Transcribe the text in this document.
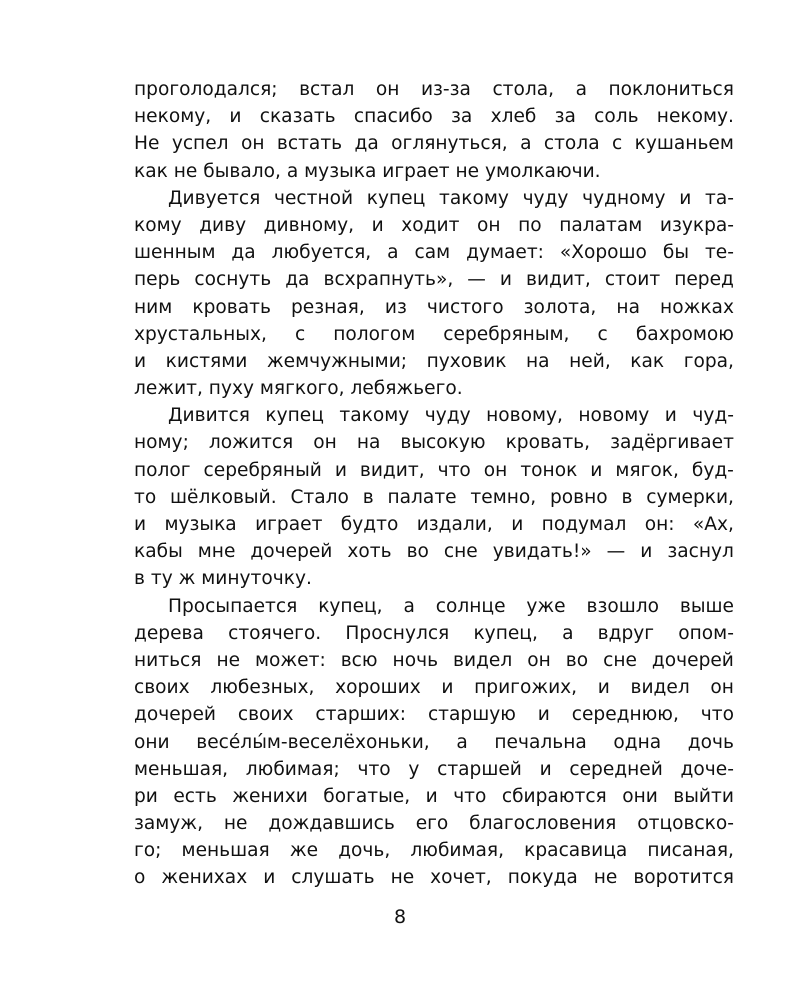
проголодался; встал он из-за стола, а поклониться
некому, и сказать спасибо за хлеб за соль некому.
Не успел он встать да оглянуться, а стола с кушаньем
как не бывало, а музыка играет не умолкаючи.
Дивуется честной купец такому чуду чудному и та-
кому диву дивному, и ходит он по палатам изукра-
шенным да любуется, а сам думает: «Хорошо бы те-
перь соснуть да всхрапнуть», — и видит, стоит перед
ним кровать резная, из чистого золота, на ножках
хрустальных, с пологом серебряным, с бахромою
и кистями жемчужными; пуховик на ней, как гора,
лежит, пуху мягкого, лебяжьего.
Дивится купец такому чуду новому, новому и чуд-
ному; ложится он на высокую кровать, задёргивает
полог серебряный и видит, что он тонок и мягок, буд-
то шёлковый. Стало в палате темно, ровно в сумерки,
и музыка играет будто издали, и подумал он: «Ах,
кабы мне дочерей хоть во сне увидать!» — и заснул
в ту ж минуточку.
Просыпается купец, а солнце уже взошло выше
дерева стоячего. Проснулся купец, а вдруг опом-
ниться не может: всю ночь видел он во сне дочерей
своих любезных, хороших и пригожих, и видел он
дочерей своих старших: старшую и середнюю, что
они весе́лы́м-веселёхоньки, а печальна одна дочь
меньшая, любимая; что у старшей и середней доче-
ри есть женихи богатые, и что сбираются они выйти
замуж, не дождавшись его благословения отцовско-
го; меньшая же дочь, любимая, красавица писаная,
о женихах и слушать не хочет, покуда не воротится
8
